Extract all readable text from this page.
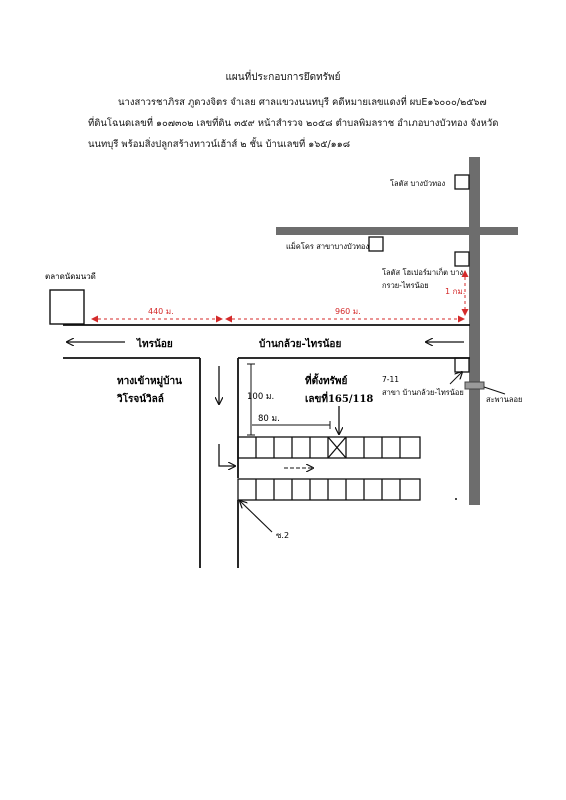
แผนที่ประกอบการยึดทรัพย์
นางสาวรชาภิรส ภูดวงจิตร จำเลย ศาลแขวงนนทบุรี คดีหมายเลขแดงที่ ผบE๑๖๐๐๐/๒๕๖๗
ที่ดินโฉนดเลขที่ ๑๐๗๓๐๒ เลขที่ดิน ๓๕๙ หน้าสำรวจ ๒๐๕๘ ตำบลพิมลราช อำเภอบางบัวทอง จังหวัด
นนทบุรี พร้อมสิ่งปลูกสร้างทาวน์เฮ้าส์ ๒ ชั้น บ้านเลขที่ ๑๖๕/๑๑๘
โลตัส บางบัวทอง
แม็คโคร สาขาบางบัวทอง
โลตัส โฮเปอร์มาเก็ต บาง
กรวย-ไทรน้อย
ตลาดนัดมนวดี
7-11
สาขา บ้านกล้วย-ไทรน้อย
สะพานลอย
440 ม.	960 ม.
1 กม.
ไทรน้อย	บ้านกล้วย-ไทรน้อย
ทางเข้าหมู่บ้าน
วิโรจน์วิลล์	100 ม.
80 ม.
ที่ตั้งทรัพย์
เลขที่165/118
ซ.2
